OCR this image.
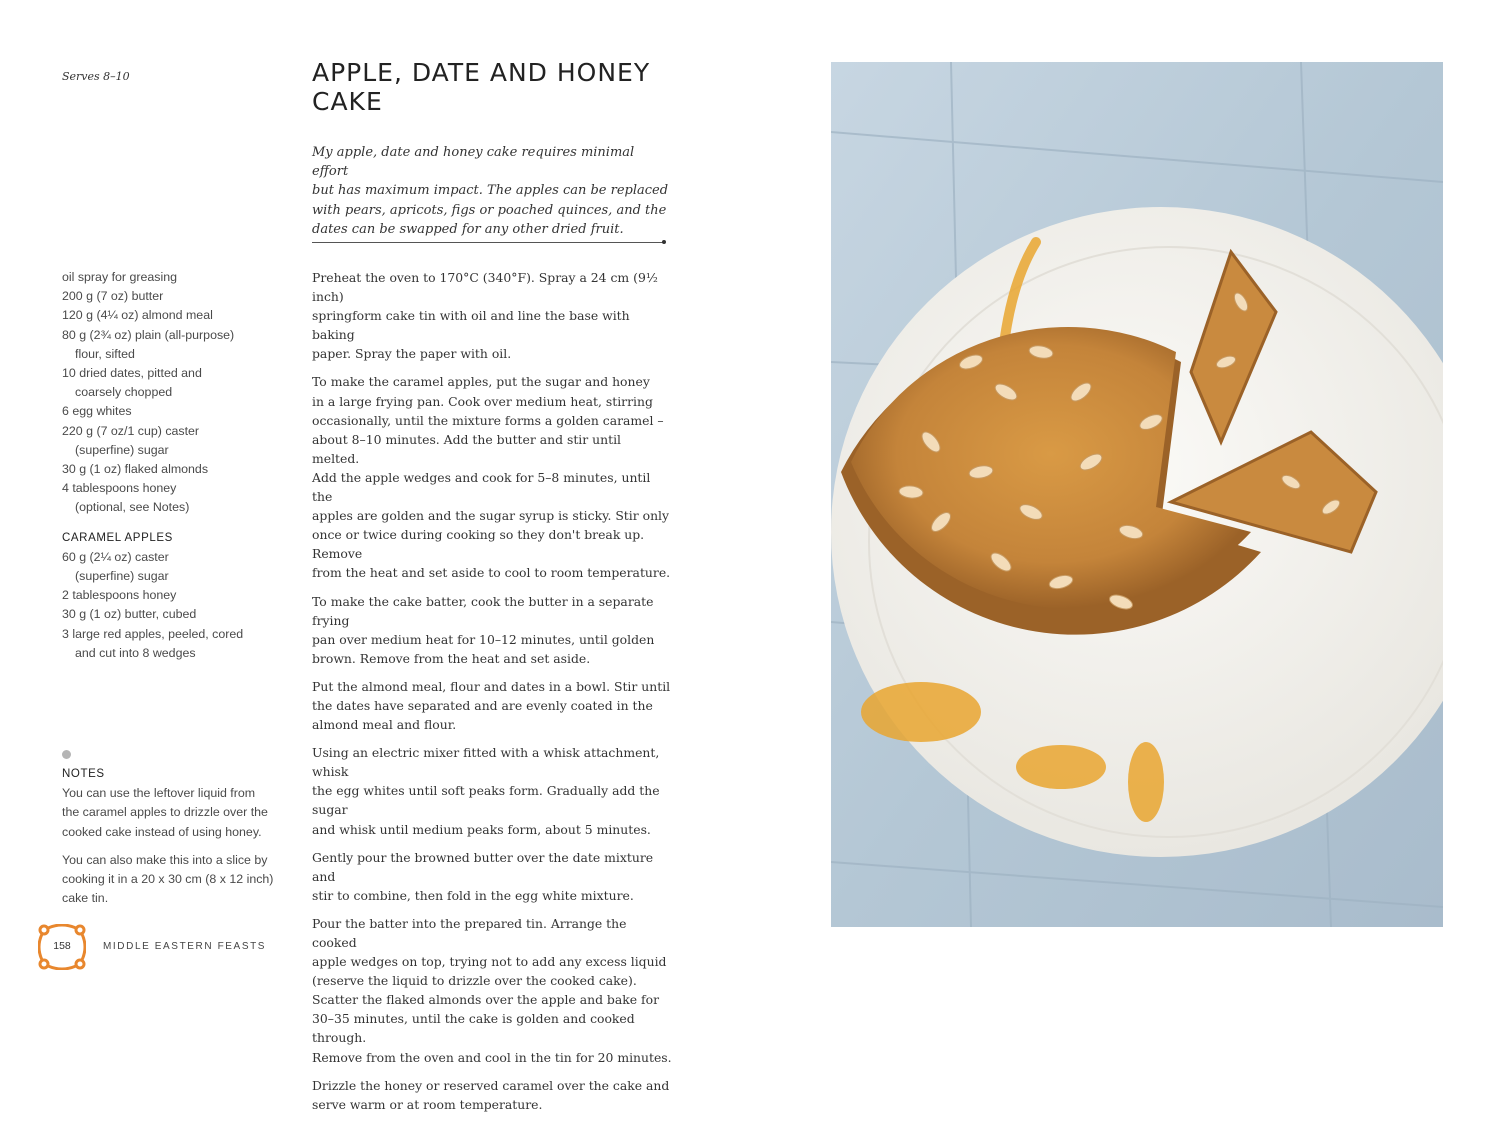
Serves 8–10	APPLE, DATE AND HONEY
CAKE
My apple, date and honey cake requires minimal effort
but has maximum impact. The apples can be replaced
with pears, apricots, figs or poached quinces, and the
dates can be swapped for any other dried fruit.
oil spray for greasing
200 g (7 oz) butter
120 g (4¼ oz) almond meal
80 g (2¾ oz) plain (all-purpose)
flour, sifted
10 dried dates, pitted and
coarsely chopped
6 egg whites
220 g (7 oz/1 cup) caster
(superfine) sugar
30 g (1 oz) flaked almonds
4 tablespoons honey
(optional, see Notes)
CARAMEL APPLES
60 g (2¼ oz) caster
(superfine) sugar
2 tablespoons honey
30 g (1 oz) butter, cubed
3 large red apples, peeled, cored
and cut into 8 wedges
NOTES

You can use the leftover liquid from
the caramel apples to drizzle over the
cooked cake instead of using honey.

You can also make this into a slice by
cooking it in a 20 x 30 cm (8 x 12 inch)
cake tin.

Preheat the oven to 170°C (340°F). Spray a 24 cm (9½ inch)
springform cake tin with oil and line the base with baking
paper. Spray the paper with oil.

To make the caramel apples, put the sugar and honey
in a large frying pan. Cook over medium heat, stirring
occasionally, until the mixture forms a golden caramel –
about 8–10 minutes. Add the butter and stir until melted.
Add the apple wedges and cook for 5–8 minutes, until the
apples are golden and the sugar syrup is sticky. Stir only
once or twice during cooking so they don't break up. Remove
from the heat and set aside to cool to room temperature.

To make the cake batter, cook the butter in a separate frying
pan over medium heat for 10–12 minutes, until golden
brown. Remove from the heat and set aside.

Put the almond meal, flour and dates in a bowl. Stir until
the dates have separated and are evenly coated in the
almond meal and flour.

Using an electric mixer fitted with a whisk attachment, whisk
the egg whites until soft peaks form. Gradually add the sugar
and whisk until medium peaks form, about 5 minutes.

Gently pour the browned butter over the date mixture and
stir to combine, then fold in the egg white mixture.

Pour the batter into the prepared tin. Arrange the cooked
apple wedges on top, trying not to add any excess liquid
(reserve the liquid to drizzle over the cooked cake).
Scatter the flaked almonds over the apple and bake for
30–35 minutes, until the cake is golden and cooked through.
Remove from the oven and cool in the tin for 20 minutes.

Drizzle the honey or reserved caramel over the cake and
serve warm or at room temperature.

158	MIDDLE EASTERN FEASTS
